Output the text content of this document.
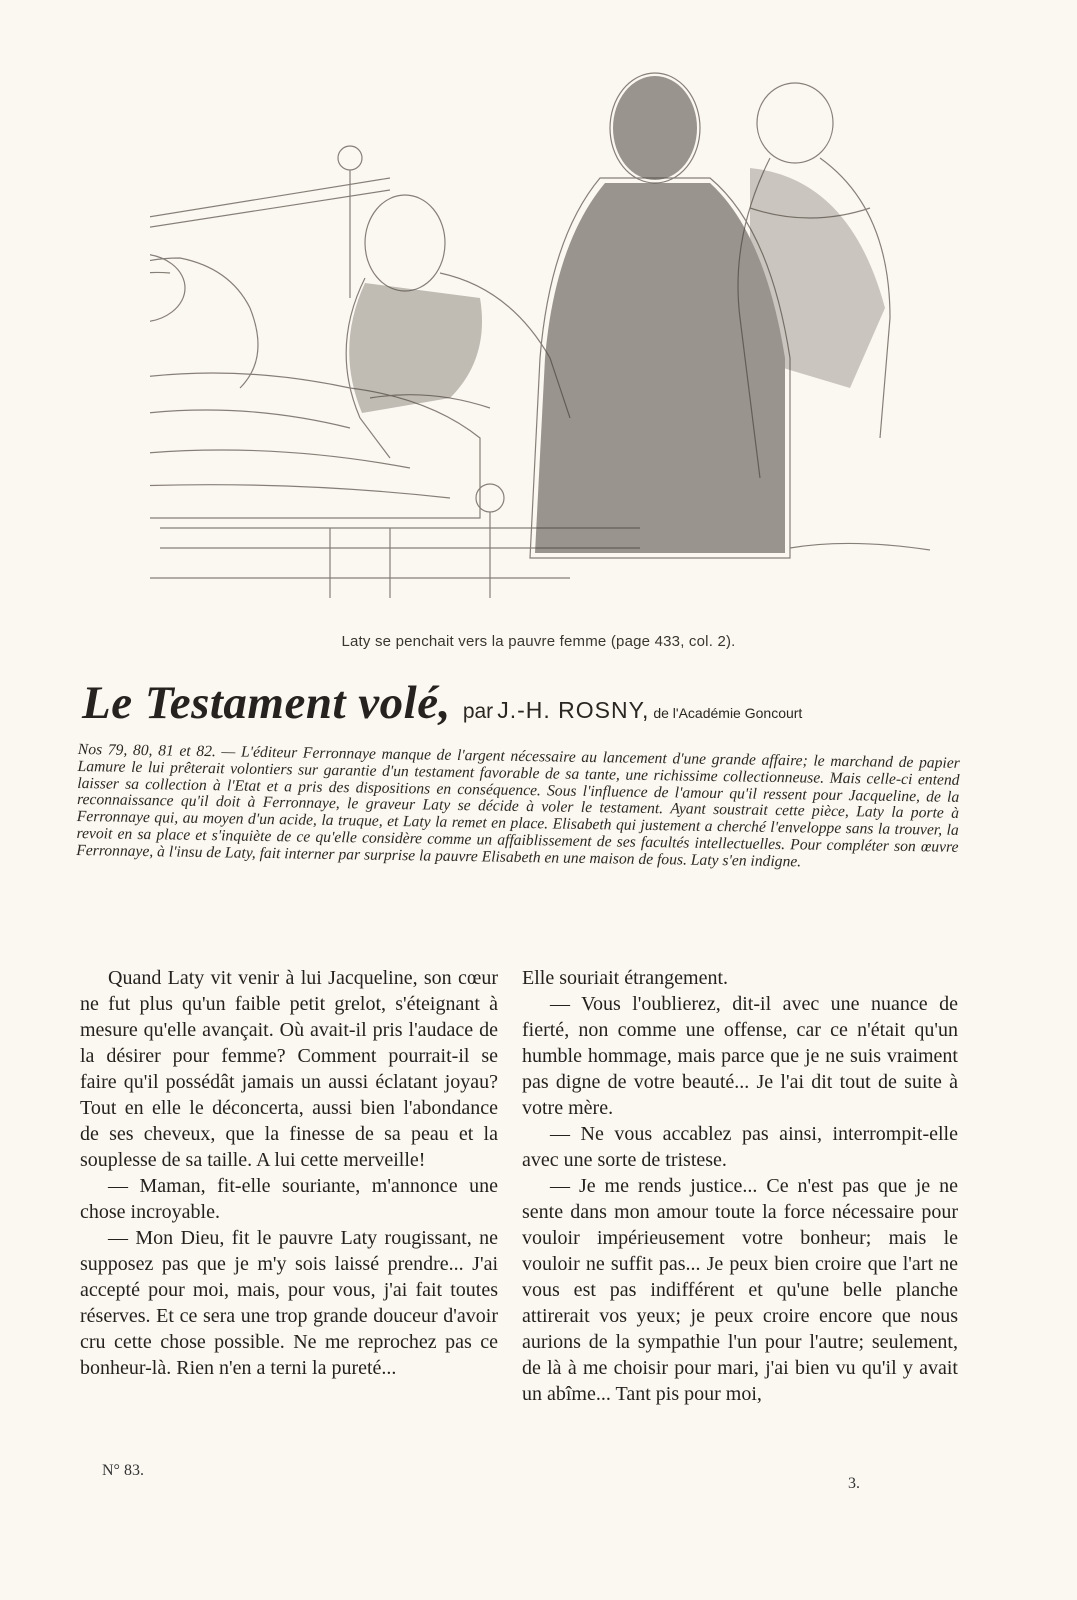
Laty se penchait vers la pauvre femme (page 433, col. 2).
Le Testament volé, par J.-H. ROSNY, de l'Académie Goncourt
Nos 79, 80, 81 et 82. — L'éditeur Ferronnaye manque de l'argent nécessaire au lancement d'une grande affaire; le marchand de papier Lamure le lui prêterait volontiers sur garantie d'un testament favorable de sa tante, une richissime collectionneuse. Mais celle-ci entend laisser sa collection à l'Etat et a pris des dispositions en conséquence. Sous l'influence de l'amour qu'il ressent pour Jacqueline, de la reconnaissance qu'il doit à Ferronnaye, le graveur Laty se décide à voler le testament. Ayant soustrait cette pièce, Laty la porte à Ferronnaye qui, au moyen d'un acide, la truque, et Laty la remet en place. Elisabeth qui justement a cherché l'enveloppe sans la trouver, la revoit en sa place et s'inquiète de ce qu'elle considère comme un affaiblissement de ses facultés intellectuelles. Pour compléter son œuvre Ferronnaye, à l'insu de Laty, fait interner par surprise la pauvre Elisabeth en une maison de fous. Laty s'en indigne.

Quand Laty vit venir à lui Jacqueline, son cœur ne fut plus qu'un faible petit grelot, s'éteignant à mesure qu'elle avançait. Où avait-il pris l'audace de la désirer pour femme? Comment pourrait-il se faire qu'il possédât jamais un aussi éclatant joyau? Tout en elle le déconcerta, aussi bien l'abondance de ses cheveux, que la finesse de sa peau et la souplesse de sa taille. A lui cette merveille!

— Maman, fit-elle souriante, m'annonce une chose incroyable.

— Mon Dieu, fit le pauvre Laty rougissant, ne supposez pas que je m'y sois laissé prendre... J'ai accepté pour moi, mais, pour vous, j'ai fait toutes réserves. Et ce sera une trop grande douceur d'avoir cru cette chose possible. Ne me reprochez pas ce bonheur-là. Rien n'en a terni la pureté...

Elle souriait étrangement.

— Vous l'oublierez, dit-il avec une nuance de fierté, non comme une offense, car ce n'était qu'un humble hommage, mais parce que je ne suis vraiment pas digne de votre beauté... Je l'ai dit tout de suite à votre mère.

— Ne vous accablez pas ainsi, interrompit-elle avec une sorte de tristese.

— Je me rends justice... Ce n'est pas que je ne sente dans mon amour toute la force nécessaire pour vouloir impérieusement votre bonheur; mais le vouloir ne suffit pas... Je peux bien croire que l'art ne vous est pas indifférent et qu'une belle planche attirerait vos yeux; je peux croire encore que nous aurions de la sympathie l'un pour l'autre; seulement, de là à me choisir pour mari, j'ai bien vu qu'il y avait un abîme... Tant pis pour moi,

N° 83.
3.
